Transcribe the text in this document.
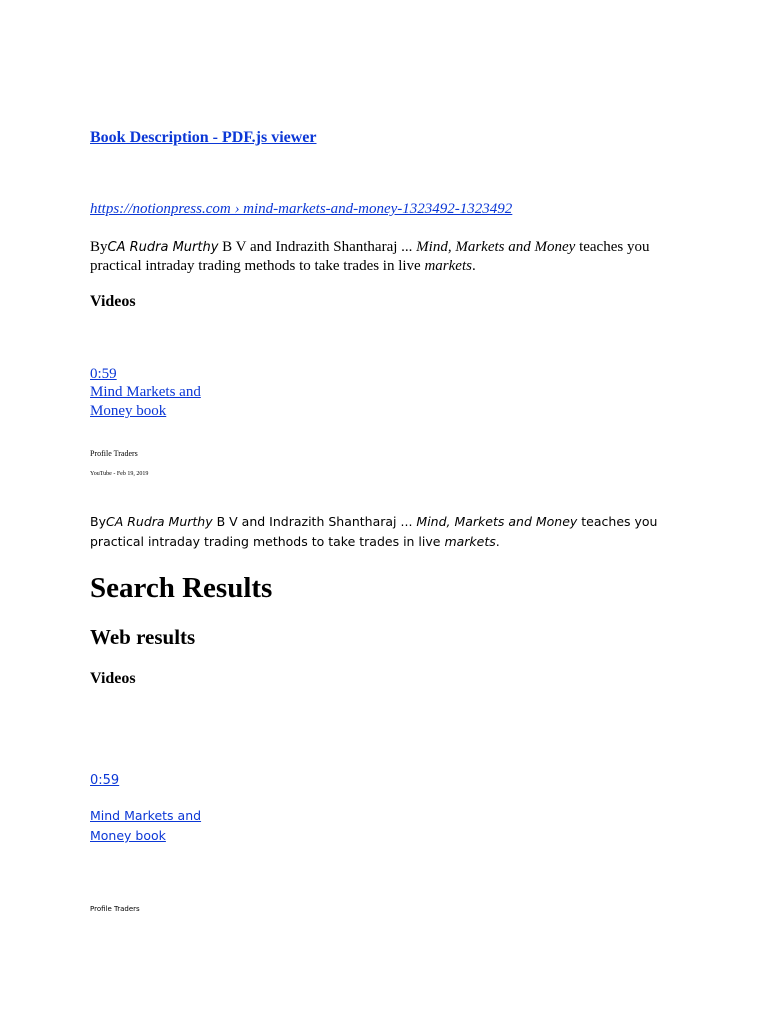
Book Description - PDF.js viewer
https://notionpress.com › mind-markets-and-money-1323492-1323492
ByCA Rudra Murthy B V and Indrazith Shantharaj ... Mind, Markets and Money teaches you practical intraday trading methods to take trades in live markets.
Videos
0:59
Mind Markets and Money book
Profile Traders
YouTube - Feb 19, 2019
ByCA Rudra Murthy B V and Indrazith Shantharaj ... Mind, Markets and Money teaches you practical intraday trading methods to take trades in live markets.
Search Results
Web results
Videos
0:59
Mind Markets and Money book
Profile Traders
